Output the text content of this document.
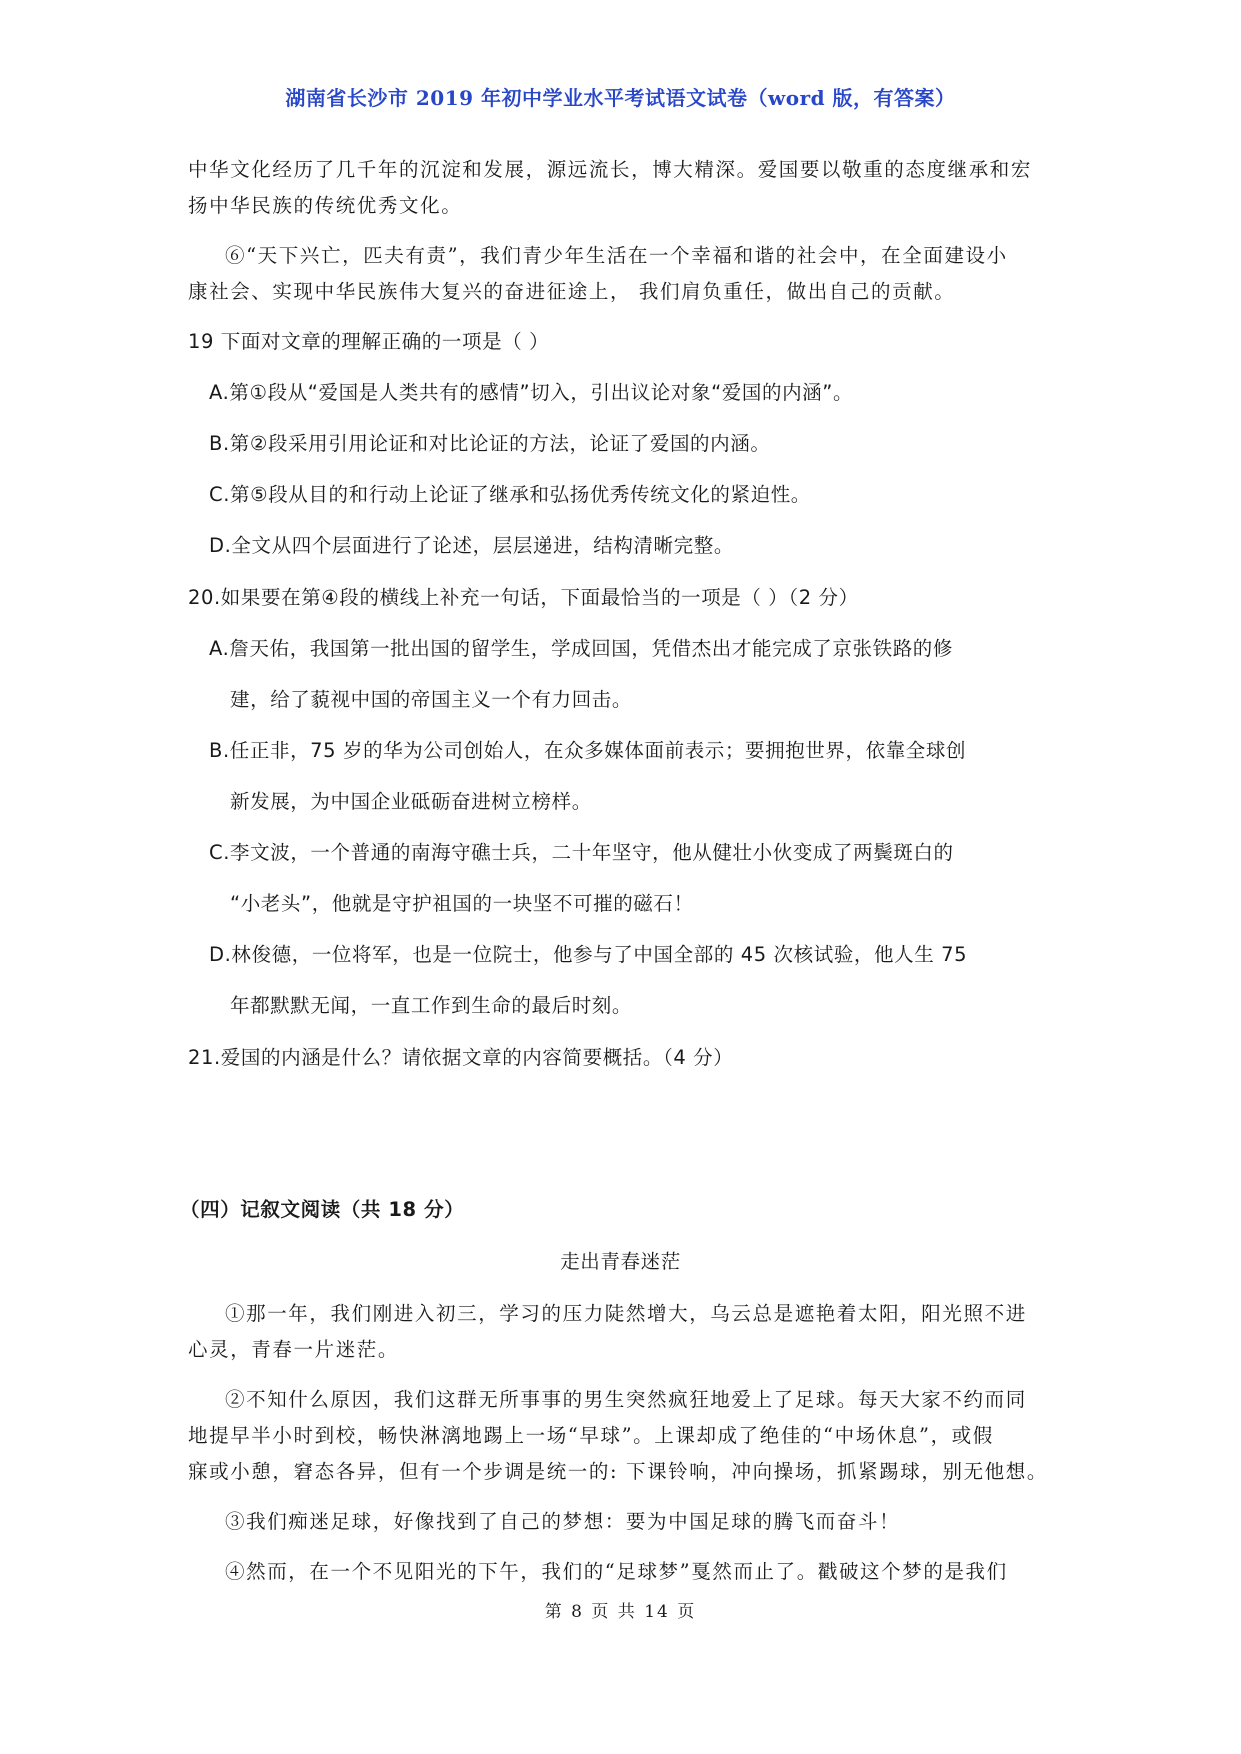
湖南省长沙市 2019 年初中学业水平考试语文试卷（word 版，有答案）
中华文化经历了几千年的沉淀和发展，源远流长，博大精深。爱国要以敬重的态度继承和宏
扬中华民族的传统优秀文化。
⑥“天下兴亡，匹夫有责”，我们青少年生活在一个幸福和谐的社会中，在全面建设小
康社会、实现中华民族伟大复兴的奋进征途上， 我们肩负重任，做出自己的贡献。
19 下面对文章的理解正确的一项是（ ）
A.第①段从“爱国是人类共有的感情”切入，引出议论对象“爱国的内涵”。
B.第②段采用引用论证和对比论证的方法，论证了爱国的内涵。
C.第⑤段从目的和行动上论证了继承和弘扬优秀传统文化的紧迫性。
D.全文从四个层面进行了论述，层层递进，结构清晰完整。
20.如果要在第④段的横线上补充一句话，下面最恰当的一项是（ ）（2 分）
A.詹天佑，我国第一批出国的留学生，学成回国，凭借杰出才能完成了京张铁路的修
建，给了藐视中国的帝国主义一个有力回击。
B.任正非，75 岁的华为公司创始人，在众多媒体面前表示；要拥抱世界，依靠全球创
新发展，为中国企业砥砺奋进树立榜样。
C.李文波，一个普通的南海守礁士兵，二十年坚守，他从健壮小伙变成了两鬓斑白的
“小老头”，他就是守护祖国的一块坚不可摧的磁石！
D.林俊德，一位将军，也是一位院士，他参与了中国全部的 45 次核试验，他人生 75
年都默默无闻，一直工作到生命的最后时刻。
21.爱国的内涵是什么？请依据文章的内容简要概括。（4 分）
（四）记叙文阅读（共 18 分）
走出青春迷茫
①那一年，我们刚进入初三，学习的压力陡然增大，乌云总是遮艳着太阳，阳光照不进
心灵，青春一片迷茫。
②不知什么原因，我们这群无所事事的男生突然疯狂地爱上了足球。每天大家不约而同
地提早半小时到校，畅快淋漓地踢上一场“早球”。上课却成了绝佳的“中场休息”，或假
寐或小憩，窘态各异，但有一个步调是统一的: 下课铃响，冲向操场，抓紧踢球，别无他想。
③我们痴迷足球，好像找到了自己的梦想：要为中国足球的腾飞而奋斗！
④然而，在一个不见阳光的下午，我们的“足球梦”戛然而止了。戳破这个梦的是我们
第 8 页 共 14 页
